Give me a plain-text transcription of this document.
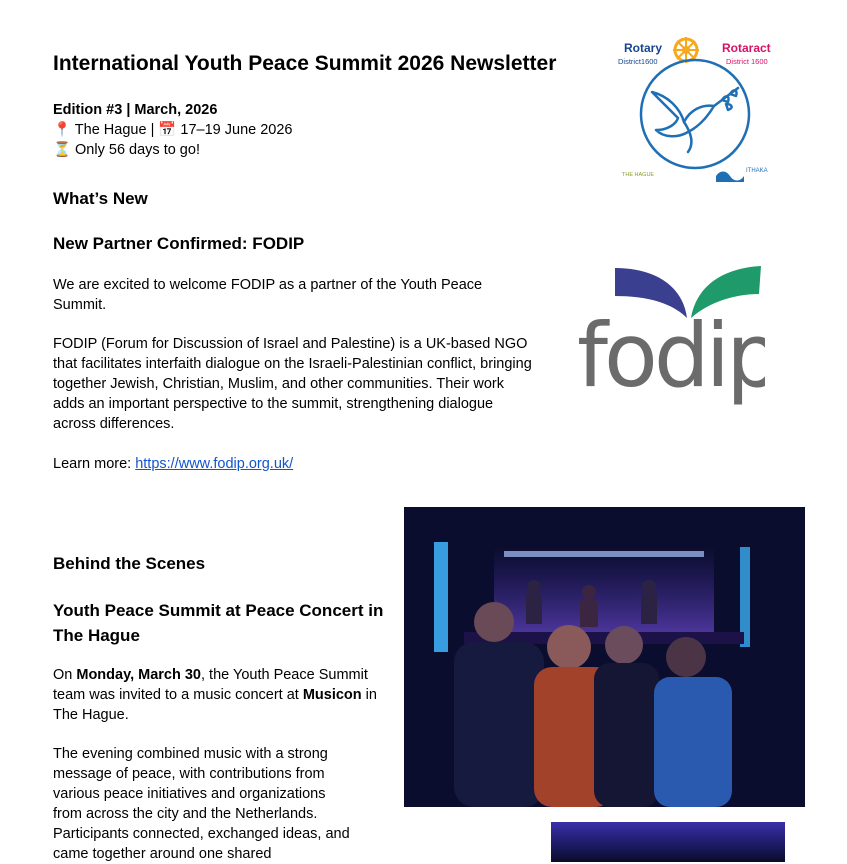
International Youth Peace Summit 2026 Newsletter
Edition #3 | March, 2026
📍 The Hague | 📅 17–19 June 2026
⏳ Only 56 days to go!
Rotary
District1600
Rotaract
District 1600
THE HAGUE
ITHAKA
What’s New
New Partner Confirmed: FODIP
We are excited to welcome FODIP as a partner of the Youth Peace Summit.
FODIP (Forum for Discussion of Israel and Palestine) is a UK-based NGO that facilitates interfaith dialogue on the Israeli-Palestinian conflict, bringing together Jewish, Christian, Muslim, and other communities. Their work adds an important perspective to the summit, strengthening dialogue across differences.
Learn more: https://www.fodip.org.uk/
fodip
Behind the Scenes
Youth Peace Summit at Peace Concert in The Hague
On Monday, March 30, the Youth Peace Summit team was invited to a music concert at Musicon in The Hague.
The evening combined music with a strong message of peace, with contributions from various peace initiatives and organizations from across the city and the Netherlands. Participants connected, exchanged ideas, and came together around one shared
